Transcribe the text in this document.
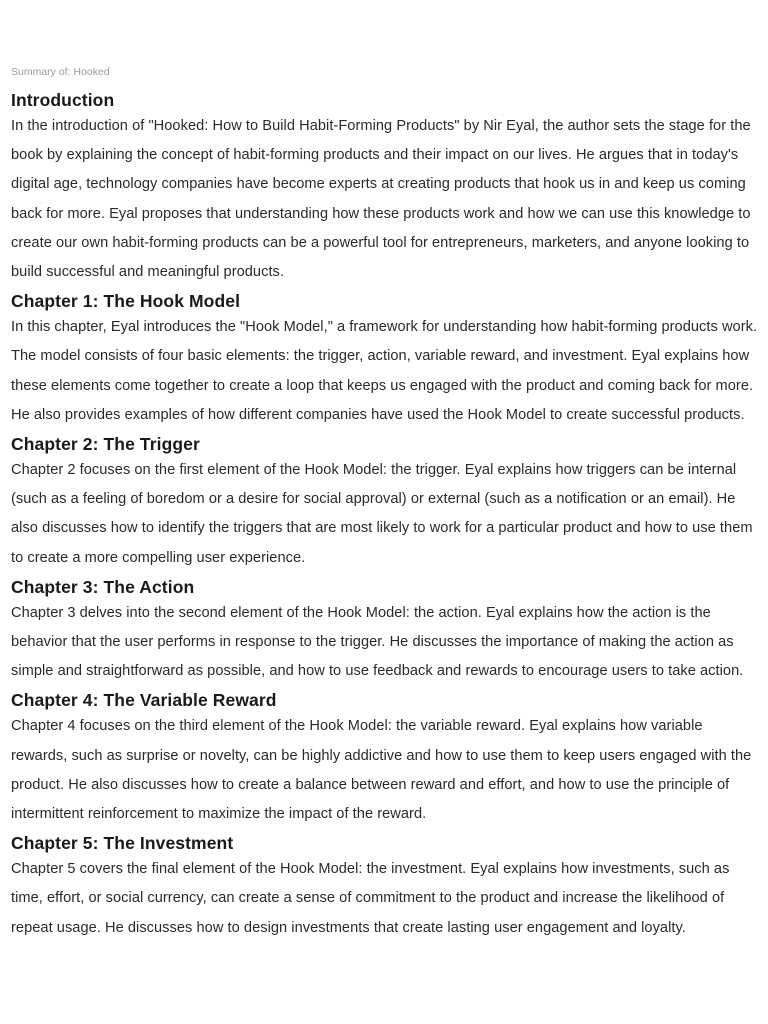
Summary of: Hooked
Introduction

In the introduction of "Hooked: How to Build Habit-Forming Products" by Nir Eyal, the author sets the stage for the book by explaining the concept of habit-forming products and their impact on our lives. He argues that in today's digital age, technology companies have become experts at creating products that hook us in and keep us coming back for more. Eyal proposes that understanding how these products work and how we can use this knowledge to create our own habit-forming products can be a powerful tool for entrepreneurs, marketers, and anyone looking to build successful and meaningful products.

Chapter 1: The Hook Model

In this chapter, Eyal introduces the "Hook Model," a framework for understanding how habit-forming products work. The model consists of four basic elements: the trigger, action, variable reward, and investment. Eyal explains how these elements come together to create a loop that keeps us engaged with the product and coming back for more. He also provides examples of how different companies have used the Hook Model to create successful products.

Chapter 2: The Trigger

Chapter 2 focuses on the first element of the Hook Model: the trigger. Eyal explains how triggers can be internal (such as a feeling of boredom or a desire for social approval) or external (such as a notification or an email). He also discusses how to identify the triggers that are most likely to work for a particular product and how to use them to create a more compelling user experience.

Chapter 3: The Action

Chapter 3 delves into the second element of the Hook Model: the action. Eyal explains how the action is the behavior that the user performs in response to the trigger. He discusses the importance of making the action as simple and straightforward as possible, and how to use feedback and rewards to encourage users to take action.

Chapter 4: The Variable Reward

Chapter 4 focuses on the third element of the Hook Model: the variable reward. Eyal explains how variable rewards, such as surprise or novelty, can be highly addictive and how to use them to keep users engaged with the product. He also discusses how to create a balance between reward and effort, and how to use the principle of intermittent reinforcement to maximize the impact of the reward.

Chapter 5: The Investment

Chapter 5 covers the final element of the Hook Model: the investment. Eyal explains how investments, such as time, effort, or social currency, can create a sense of commitment to the product and increase the likelihood of repeat usage. He discusses how to design investments that create lasting user engagement and loyalty.
